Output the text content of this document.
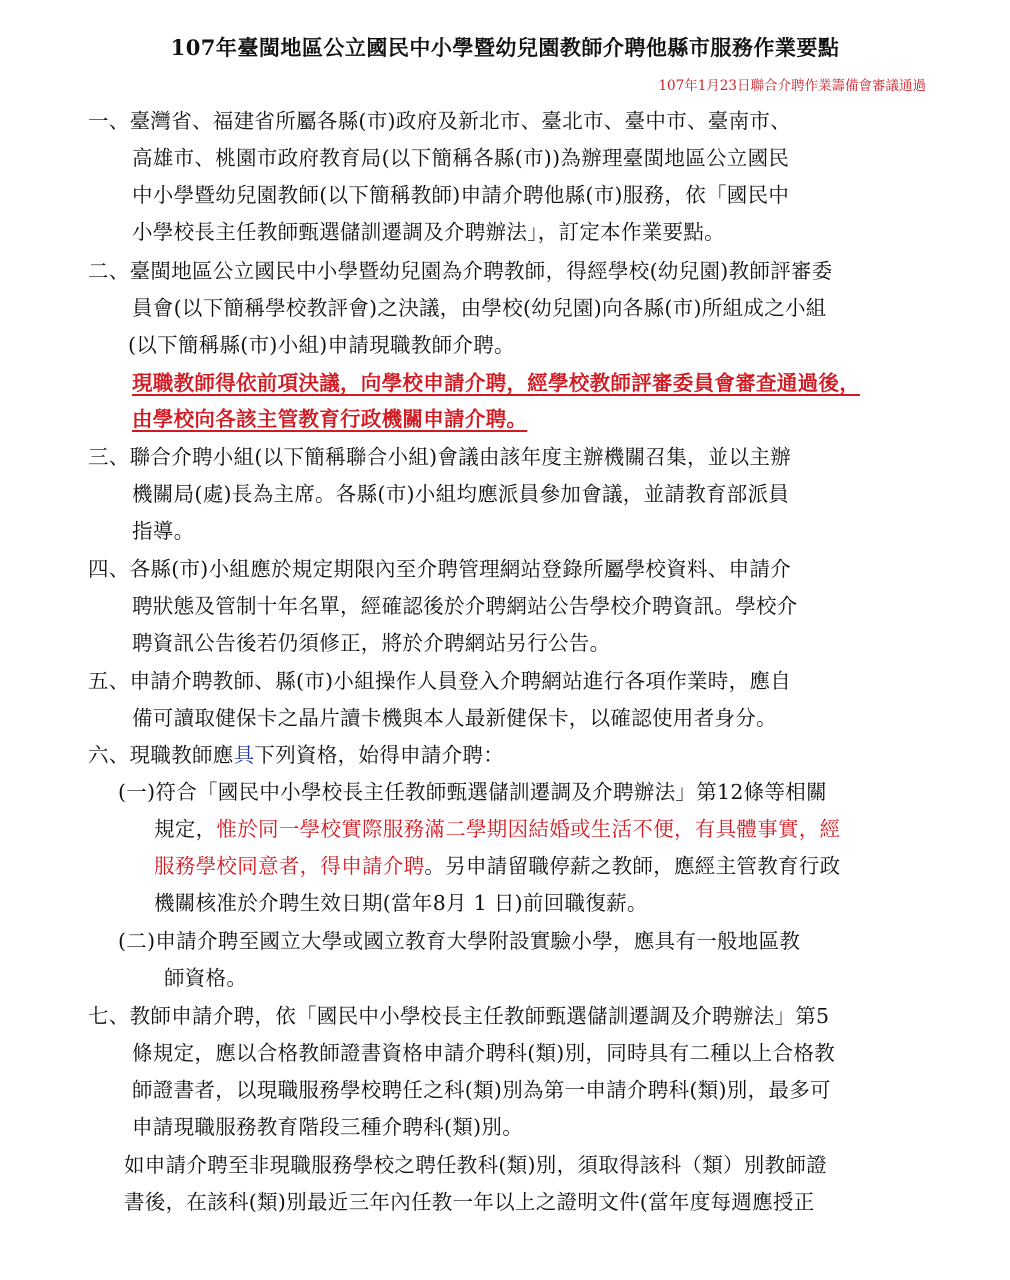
107年臺閩地區公立國民中小學暨幼兒園教師介聘他縣市服務作業要點
107年1月23日聯合介聘作業籌備會審議通過
一、臺灣省、福建省所屬各縣(市)政府及新北市、臺北市、臺中市、臺南市、
高雄市、桃園市政府教育局(以下簡稱各縣(市))為辦理臺閩地區公立國民
中小學暨幼兒園教師(以下簡稱教師)申請介聘他縣(市)服務，依「國民中
小學校長主任教師甄選儲訓遷調及介聘辦法」，訂定本作業要點。
二、臺閩地區公立國民中小學暨幼兒園為介聘教師，得經學校(幼兒園)教師評審委
員會(以下簡稱學校教評會)之決議，由學校(幼兒園)向各縣(市)所組成之小組
(以下簡稱縣(市)小組)申請現職教師介聘。
現職教師得依前項決議，向學校申請介聘，經學校教師評審委員會審查通過後，
由學校向各該主管教育行政機關申請介聘。
三、聯合介聘小組(以下簡稱聯合小組)會議由該年度主辦機關召集，並以主辦
機關局(處)長為主席。各縣(市)小組均應派員參加會議，並請教育部派員
指導。
四、各縣(市)小組應於規定期限內至介聘管理網站登錄所屬學校資料、申請介
聘狀態及管制十年名單，經確認後於介聘網站公告學校介聘資訊。學校介
聘資訊公告後若仍須修正，將於介聘網站另行公告。
五、申請介聘教師、縣(市)小組操作人員登入介聘網站進行各項作業時，應自
備可讀取健保卡之晶片讀卡機與本人最新健保卡，以確認使用者身分。
六、現職教師應具下列資格，始得申請介聘：
(一)符合「國民中小學校長主任教師甄選儲訓遷調及介聘辦法」第12條等相關
規定，惟於同一學校實際服務滿二學期因結婚或生活不便，有具體事實，經
服務學校同意者，得申請介聘。另申請留職停薪之教師，應經主管教育行政
機關核准於介聘生效日期(當年8月 1 日)前回職復薪。
(二)申請介聘至國立大學或國立教育大學附設實驗小學，應具有一般地區教
師資格。
七、教師申請介聘，依「國民中小學校長主任教師甄選儲訓遷調及介聘辦法」第5
條規定，應以合格教師證書資格申請介聘科(類)別，同時具有二種以上合格教
師證書者，以現職服務學校聘任之科(類)別為第一申請介聘科(類)別，最多可
申請現職服務教育階段三種介聘科(類)別。
如申請介聘至非現職服務學校之聘任教科(類)別，須取得該科（類）別教師證
書後，在該科(類)別最近三年內任教一年以上之證明文件(當年度每週應授正
